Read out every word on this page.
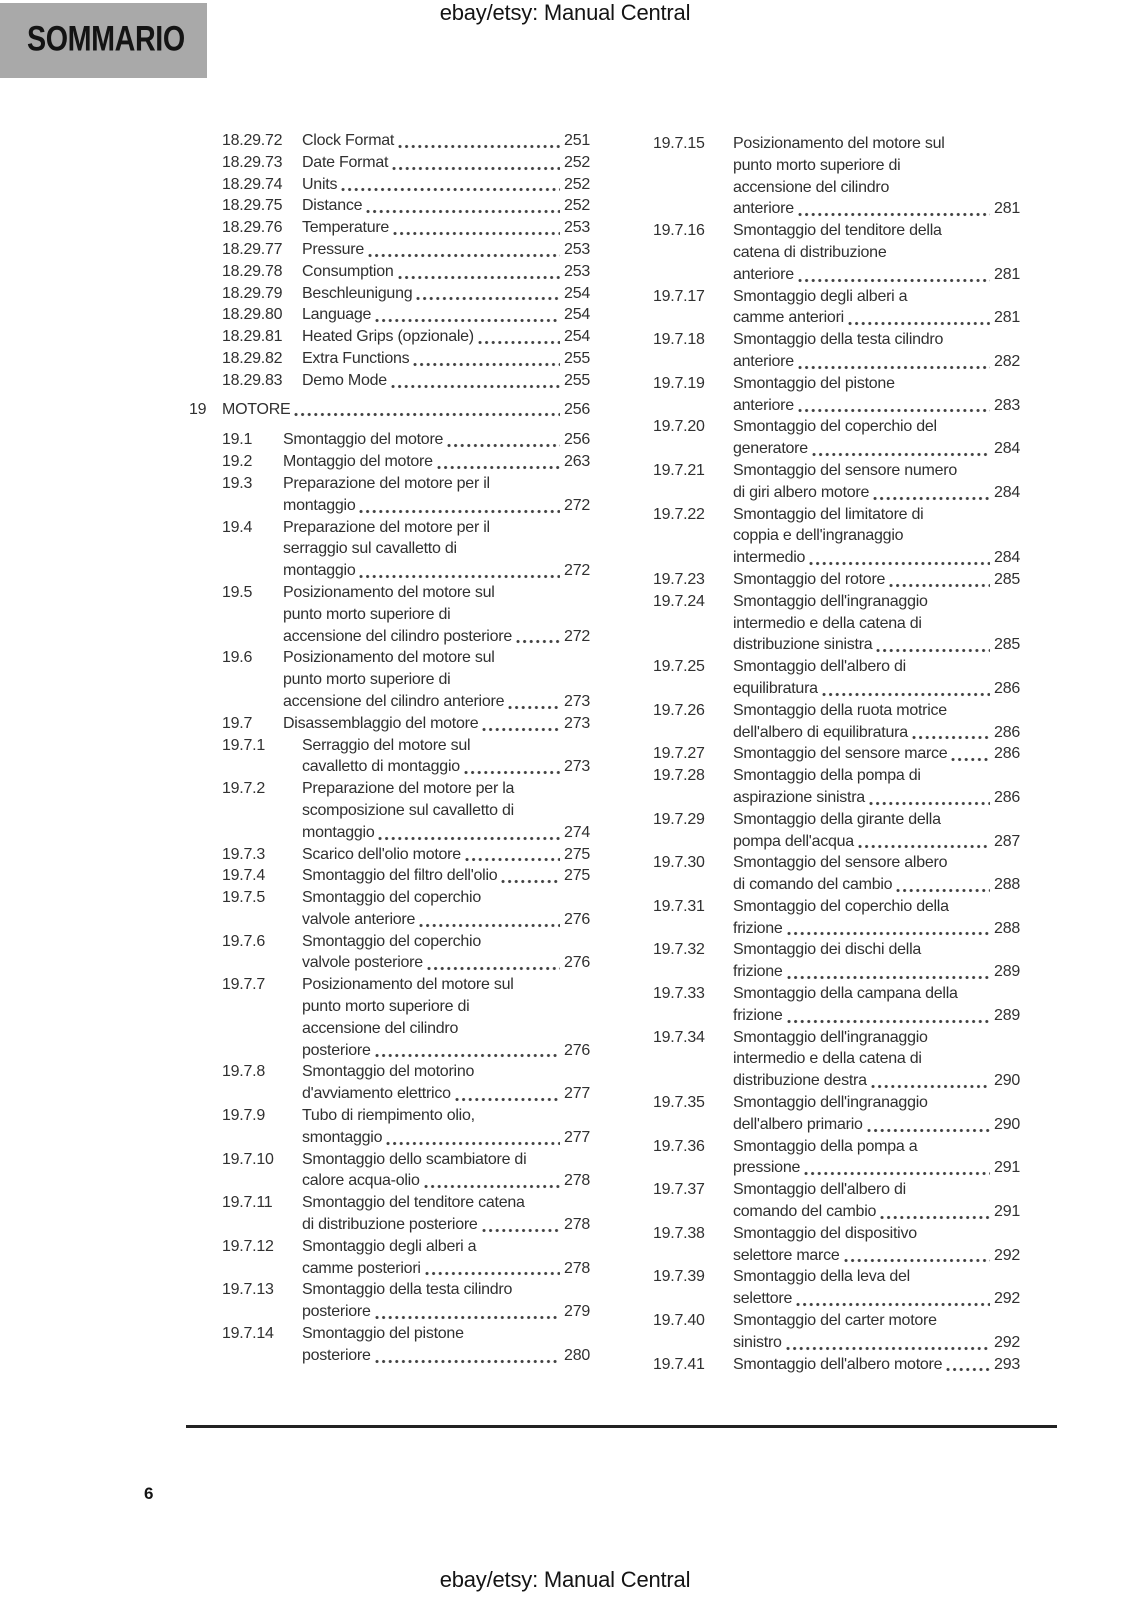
ebay/etsy: Manual Central
SOMMARIO
18.29.72	Clock Format	251
18.29.73	Date Format	252
18.29.74	Units	252
18.29.75	Distance	252
18.29.76	Temperature	253
18.29.77	Pressure	253
18.29.78	Consumption	253
18.29.79	Beschleunigung	254
18.29.80	Language	254
18.29.81	Heated Grips (opzionale)	254
18.29.82	Extra Functions	255
18.29.83	Demo Mode	255
19 MOTORE	256
19.1	Smontaggio del motore	256
19.2	Montaggio del motore	263
19.3	Preparazione del motore per il
montaggio	272
19.4	Preparazione del motore per il
serraggio sul cavalletto di
montaggio	272
19.5	Posizionamento del motore sul
punto morto superiore di
accensione del cilindro posteriore	272
19.6	Posizionamento del motore sul
punto morto superiore di
accensione del cilindro anteriore	273
19.7	Disassemblaggio del motore	273
19.7.1	Serraggio del motore sul
cavalletto di montaggio	273
19.7.2	Preparazione del motore per la
scomposizione sul cavalletto di
montaggio	274
19.7.3	Scarico dell'olio motore	275
19.7.4	Smontaggio del filtro dell'olio	275
19.7.5	Smontaggio del coperchio
valvole anteriore	276
19.7.6	Smontaggio del coperchio
valvole posteriore	276
19.7.7	Posizionamento del motore sul
punto morto superiore di
accensione del cilindro
posteriore	276
19.7.8	Smontaggio del motorino
d'avviamento elettrico	277
19.7.9	Tubo di riempimento olio,
smontaggio	277
19.7.10	Smontaggio dello scambiatore di
calore acqua-olio	278
19.7.11	Smontaggio del tenditore catena
di distribuzione posteriore	278
19.7.12	Smontaggio degli alberi a
camme posteriori	278
19.7.13	Smontaggio della testa cilindro
posteriore	279
19.7.14	Smontaggio del pistone
posteriore	280
19.7.15	Posizionamento del motore sul
punto morto superiore di
accensione del cilindro
anteriore	281
19.7.16	Smontaggio del tenditore della
catena di distribuzione
anteriore	281
19.7.17	Smontaggio degli alberi a
camme anteriori	281
19.7.18	Smontaggio della testa cilindro
anteriore	282
19.7.19	Smontaggio del pistone
anteriore	283
19.7.20	Smontaggio del coperchio del
generatore	284
19.7.21	Smontaggio del sensore numero
di giri albero motore	284
19.7.22	Smontaggio del limitatore di
coppia e dell'ingranaggio
intermedio	284
19.7.23	Smontaggio del rotore	285
19.7.24	Smontaggio dell'ingranaggio
intermedio e della catena di
distribuzione sinistra	285
19.7.25	Smontaggio dell'albero di
equilibratura	286
19.7.26	Smontaggio della ruota motrice
dell'albero di equilibratura	286
19.7.27	Smontaggio del sensore marce	286
19.7.28	Smontaggio della pompa di
aspirazione sinistra	286
19.7.29	Smontaggio della girante della
pompa dell'acqua	287
19.7.30	Smontaggio del sensore albero
di comando del cambio	288
19.7.31	Smontaggio del coperchio della
frizione	288
19.7.32	Smontaggio dei dischi della
frizione	289
19.7.33	Smontaggio della campana della
frizione	289
19.7.34	Smontaggio dell'ingranaggio
intermedio e della catena di
distribuzione destra	290
19.7.35	Smontaggio dell'ingranaggio
dell'albero primario	290
19.7.36	Smontaggio della pompa a
pressione	291
19.7.37	Smontaggio dell'albero di
comando del cambio	291
19.7.38	Smontaggio del dispositivo
selettore marce	292
19.7.39	Smontaggio della leva del
selettore	292
19.7.40	Smontaggio del carter motore
sinistro	292
19.7.41	Smontaggio dell'albero motore	293
6
ebay/etsy: Manual Central
